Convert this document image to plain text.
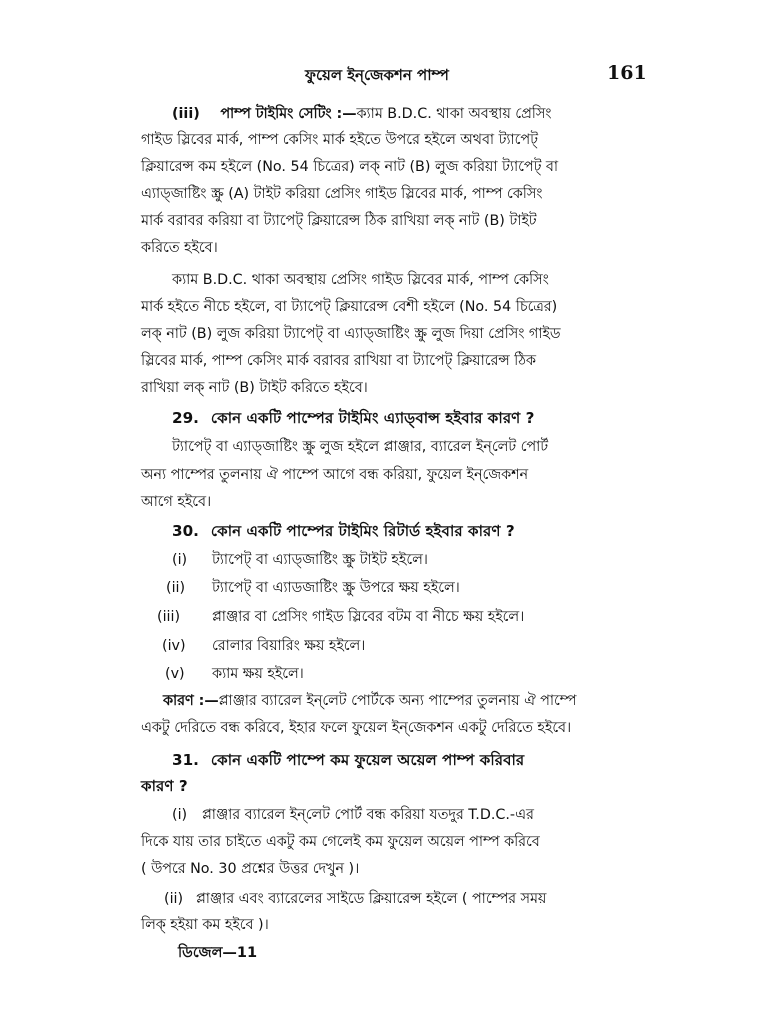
ফুয়েল ইন্‌জেকশন পাম্প	161
(iii) পাম্প টাইমিং সেটিং :—ক্যাম B.D.C. থাকা অবস্থায় প্রেসিং
গাইড স্লিবের মার্ক, পাম্প কেসিং মার্ক হইতে উপরে হইলে অথবা ট্যাপেট্‌
ক্লিয়ারেন্স কম হইলে (No. 54 চিত্রের) লক্‌ নাট (B) লুজ করিয়া ট্যাপেট্‌ বা
এ্যাড্‌জাষ্টিং স্ক্রু (A) টাইট করিয়া প্রেসিং গাইড স্লিবের মার্ক, পাম্প কেসিং
মার্ক বরাবর করিয়া বা ট্যাপেট্‌ ক্লিয়ারেন্স ঠিক রাখিয়া লক্‌ নাট (B) টাইট
করিতে হইবে।
ক্যাম B.D.C. থাকা অবস্থায় প্রেসিং গাইড স্লিবের মার্ক, পাম্প কেসিং
মার্ক হইতে নীচে হইলে, বা ট্যাপেট্‌ ক্লিয়ারেন্স বেশী হইলে (No. 54 চিত্রের)
লক্‌ নাট (B) লুজ করিয়া ট্যাপেট্‌ বা এ্যাড্‌জাষ্টিং স্ক্রু লুজ দিয়া প্রেসিং গাইড
স্লিবের মার্ক, পাম্প কেসিং মার্ক বরাবর রাখিয়া বা ট্যাপেট্‌ ক্লিয়ারেন্স ঠিক
রাখিয়া লক্‌ নাট (B) টাইট করিতে হইবে।
29. কোন একটি পাম্পের টাইমিং এ্যাড্‌বান্স হইবার কারণ ?
ট্যাপেট্‌ বা এ্যাড্‌জাষ্টিং স্ক্রু লুজ হইলে প্লাঞ্জার, ব্যারেল ইন্‌লেট পোর্ট
অন্য পাম্পের তুলনায় ঐ পাম্পে আগে বন্ধ করিয়া, ফুয়েল ইন্‌জেকশন
আগে হইবে।
30. কোন একটি পাম্পের টাইমিং রিটার্ড হইবার কারণ ?
(i) ট্যাপেট্‌ বা এ্যাড্‌জাষ্টিং স্ক্রু টাইট হইলে।
(ii) ট্যাপেট্‌ বা এ্যাডজাষ্টিং স্ক্রু উপরে ক্ষয় হইলে।
(iii) প্লাঞ্জার বা প্রেসিং গাইড স্লিবের বটম বা নীচে ক্ষয় হইলে।
(iv) রোলার বিয়ারিং ক্ষয় হইলে।
(v) ক্যাম ক্ষয় হইলে।
কারণ :—প্লাঞ্জার ব্যারেল ইন্‌লেট পোর্টকে অন্য পাম্পের তুলনায় ঐ পাম্পে
একটু দেরিতে বন্ধ করিবে, ইহার ফলে ফুয়েল ইন্‌জেকশন একটু দেরিতে হইবে।
31. কোন একটি পাম্পে কম ফুয়েল অয়েল পাম্প করিবার
কারণ ?
(i) প্লাঞ্জার ব্যারেল ইন্‌লেট পোর্ট বন্ধ করিয়া যতদুর T.D.C.-এর
দিকে যায় তার চাইতে একটু কম গেলেই কম ফুয়েল অয়েল পাম্প করিবে
( উপরে No. 30 প্রশ্নের উত্তর দেখুন )।
(ii) প্লাঞ্জার এবং ব্যারেলের সাইডে ক্লিয়ারেন্স হইলে ( পাম্পের সময়
লিক্‌ হইয়া কম হইবে )।
ডিজেল—11
